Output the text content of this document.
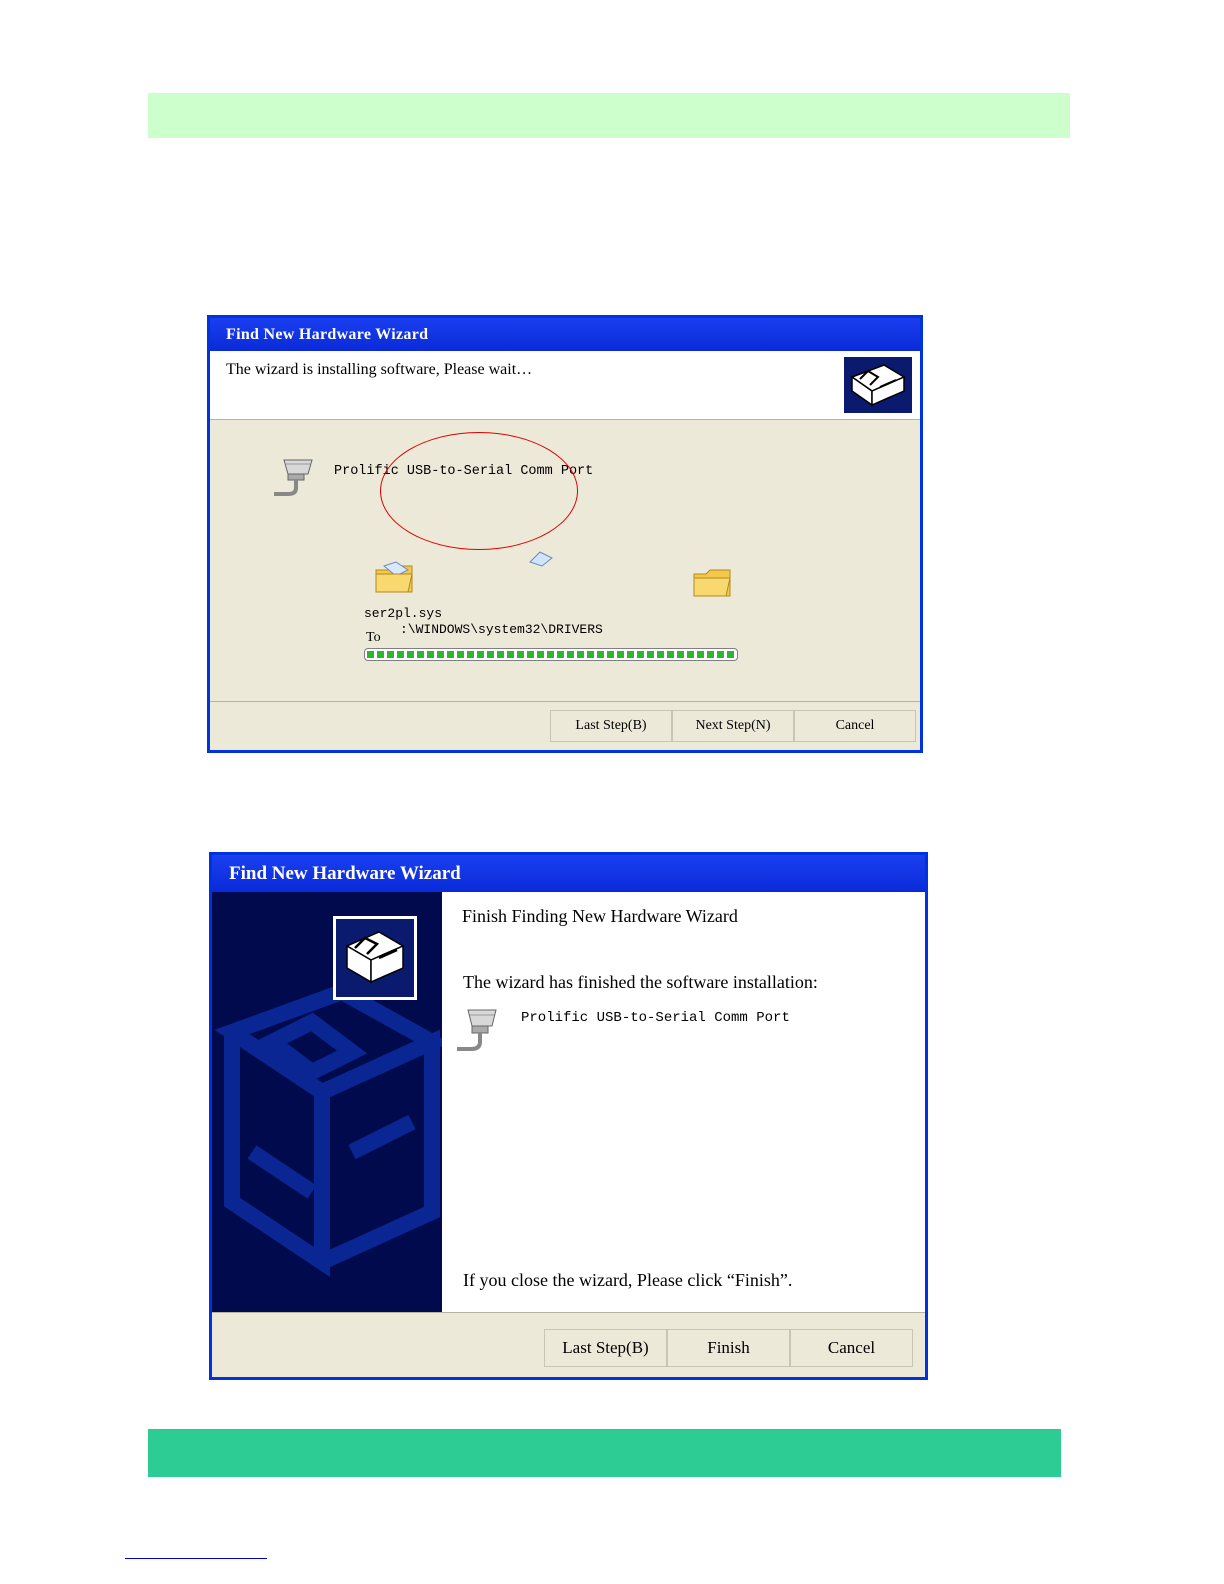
Find New Hardware Wizard
The wizard is installing software, Please wait…
Prolific USB-to-Serial Comm Port
ser2pl.sys
To
:\WINDOWS\system32\DRIVERS
Last Step(B)	Next Step(N)	Cancel
Find New Hardware Wizard
Finish Finding New Hardware Wizard
The wizard has finished the software installation:
Prolific USB-to-Serial Comm Port
If you close the wizard, Please click “Finish”.
Last Step(B)	Finish	Cancel
